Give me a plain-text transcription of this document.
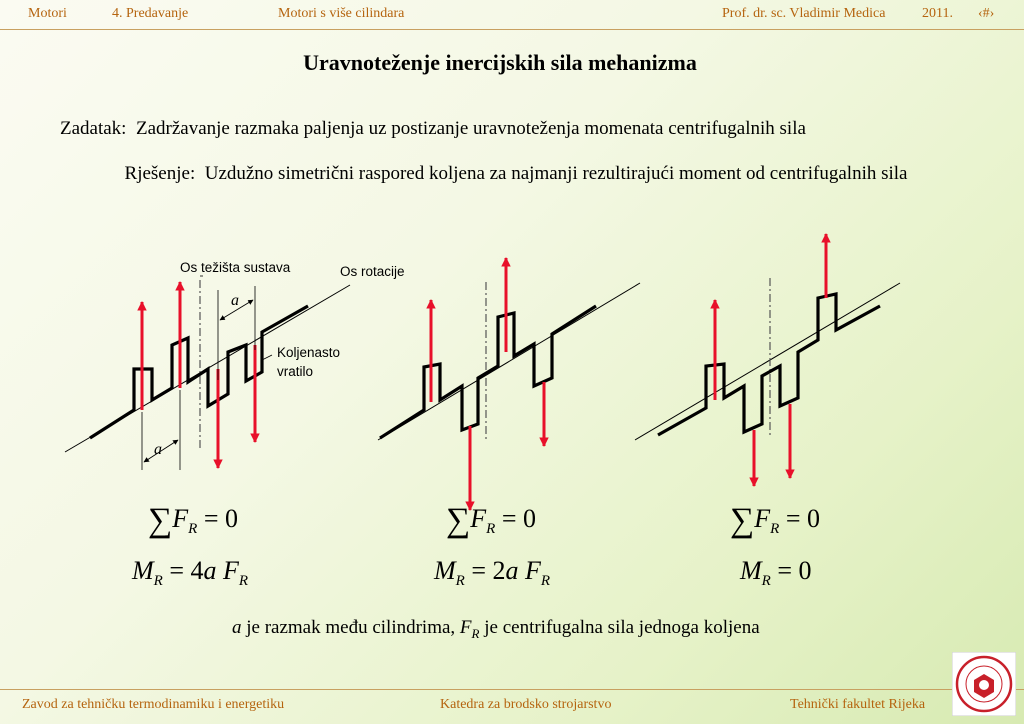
Motori	4. Predavanje	Motori s više cilindara	Prof. dr. sc. Vladimir Medica	2011. ‹#›
Uravnoteženje inercijskih sila mehanizma
Zadatak: Zadržavanje razmaka paljenja uz postizanje uravnoteženja momenata centrifugalnih sila
Rješenje: Uzdužno simetrični raspored koljena za najmanji rezultirajući moment od centrifugalnih sila
a
a
Os težišta sustava	Os rotacije
Koljenasto
vratilo
$\sum F_R = 0$
$M_R = 4a$ $F_R$
$\sum F_R = 0$
$M_R = 2a$ $F_R$
$\sum F_R = 0$
$M_R = 0$
a je razmak među cilindrima, $F_R$ je centrifugalna sila jednoga koljena
Zavod za tehničku termodinamiku i energetiku	Katedra za brodsko strojarstvo	Tehnički fakultet Rijeka
